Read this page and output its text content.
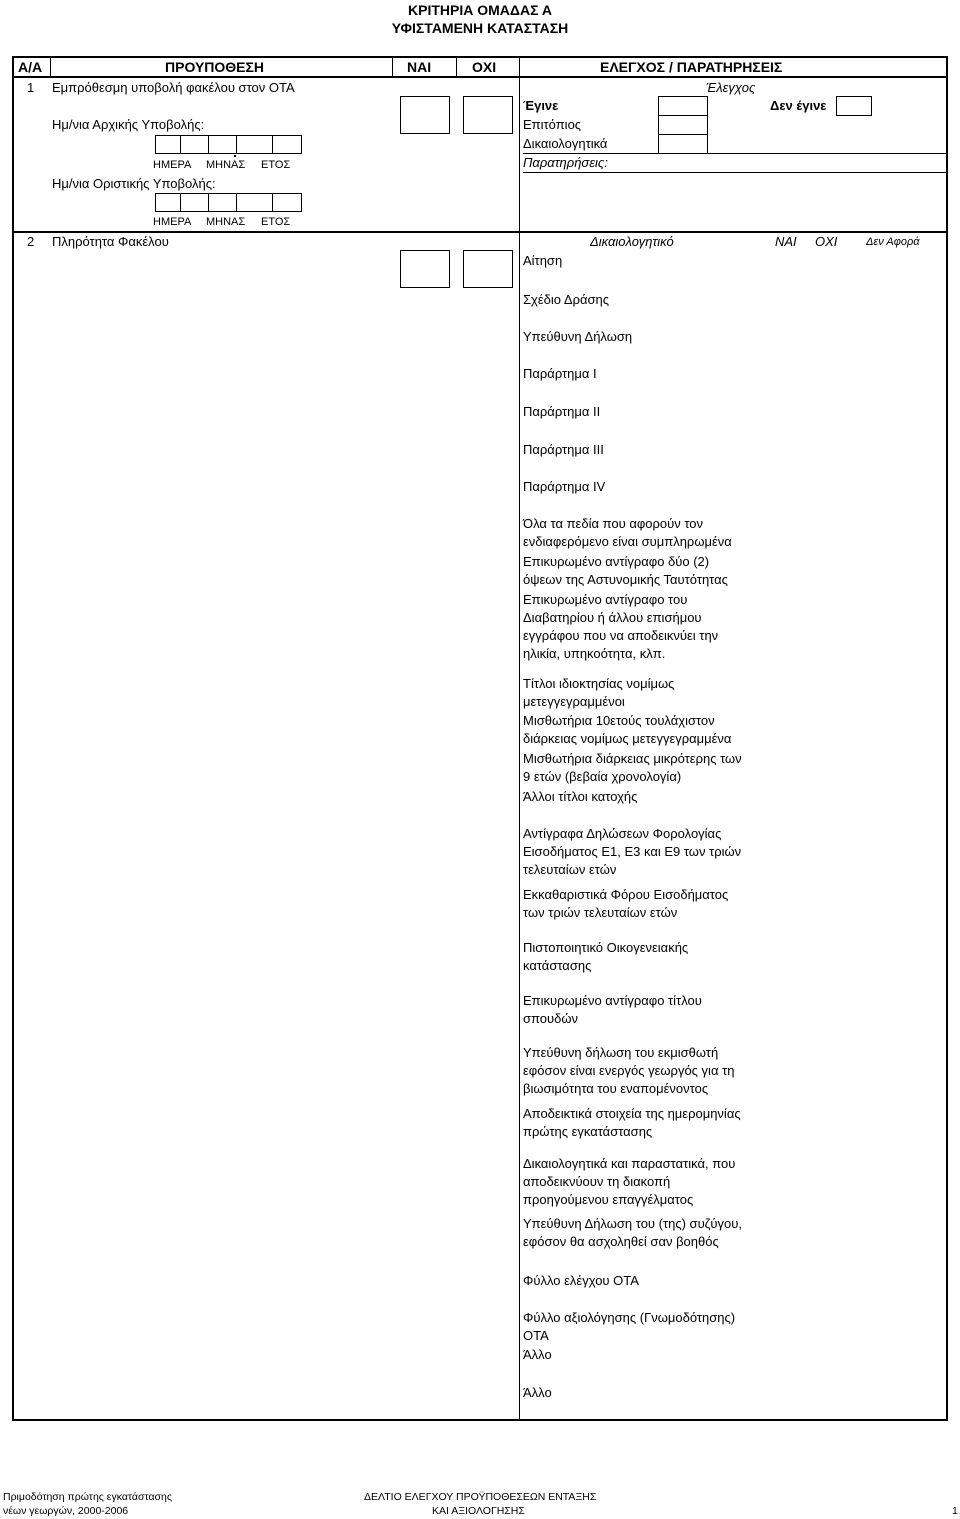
ΚΡΙΤΗΡΙΑ ΟΜΑΔΑΣ Α
ΥΦΙΣΤΑΜΕΝΗ ΚΑΤΑΣΤΑΣΗ
Α/Α	ΠΡΟΥΠΟΘΕΣΗ	ΝΑΙ	ΟΧΙ	ΕΛΕΓΧΟΣ / ΠΑΡΑΤΗΡΗΣΕΙΣ
1 Εμπρόθεσμη υποβολή φακέλου στον ΟΤΑ
Ημ/νια Αρχικής Υποβολής:
ΗΜΕΡΑ ΜΗΝΑΣ ΕΤΟΣ
Ημ/νια Οριστικής Υποβολής:
ΗΜΕΡΑ ΜΗΝΑΣ ΕΤΟΣ
Έλεγχος
Έγινε	Δεν έγινε
Επιτόπιος
Δικαιολογητικά
Παρατηρήσεις:
2 Πληρότητα Φακέλου	Δικαιολογητικό	ΝΑΙ ΟΧΙ	Δεν Αφορά
Αίτηση
Σχέδιο Δράσης
Υπεύθυνη Δήλωση
Παράρτημα Ι
Παράρτημα ΙΙ
Παράρτημα ΙΙΙ
Παράρτημα ΙV
Όλα τα πεδία που αφορούν τον
ενδιαφερόμενο είναι συμπληρωμένα
Επικυρωμένο αντίγραφο δύο (2)
όψεων της Αστυνομικής Ταυτότητας
Επικυρωμένο αντίγραφο του
Διαβατηρίου ή άλλου επισήμου
εγγράφου που να αποδεικνύει την
ηλικία, υπηκοότητα, κλπ.
Τίτλοι ιδιοκτησίας νομίμως
μετεγγεγραμμένοι
Μισθωτήρια 10ετούς τουλάχιστον
διάρκειας νομίμως μετεγγεγραμμένα
Μισθωτήρια διάρκειας μικρότερης των
9 ετών (βεβαία χρονολογία)
Άλλοι τίτλοι κατοχής
Αντίγραφα Δηλώσεων Φορολογίας
Εισοδήματος Ε1, Ε3 και Ε9 των τριών
τελευταίων ετών
Εκκαθαριστικά Φόρου Εισοδήματος
των τριών τελευταίων ετών
Πιστοποιητικό Οικογενειακής
κατάστασης
Επικυρωμένο αντίγραφο τίτλου
σπουδών
Υπεύθυνη δήλωση του εκμισθωτή
εφόσον είναι ενεργός γεωργός για τη
βιωσιμότητα του εναπομένοντος
Αποδεικτικά στοιχεία της ημερομηνίας
πρώτης εγκατάστασης
Δικαιολογητικά και παραστατικά, που
αποδεικνύουν τη διακοπή
προηγούμενου επαγγέλματος
Υπεύθυνη Δήλωση του (της) συζύγου,
εφόσον θα ασχοληθεί σαν βοηθός
Φύλλο ελέγχου ΟΤΑ
Φύλλο αξιολόγησης (Γνωμοδότησης)
ΟΤΑ
Άλλο
Άλλο
Πριμοδότηση πρώτης εγκατάστασης
νέων γεωργών, 2000-2006
ΔΕΛΤΙΟ ΕΛΕΓΧΟΥ ΠΡΟΫΠΟΘΕΣΕΩΝ ΕΝΤΑΞΗΣ
ΚΑΙ ΑΞΙΟΛΟΓΗΣΗΣ	1
